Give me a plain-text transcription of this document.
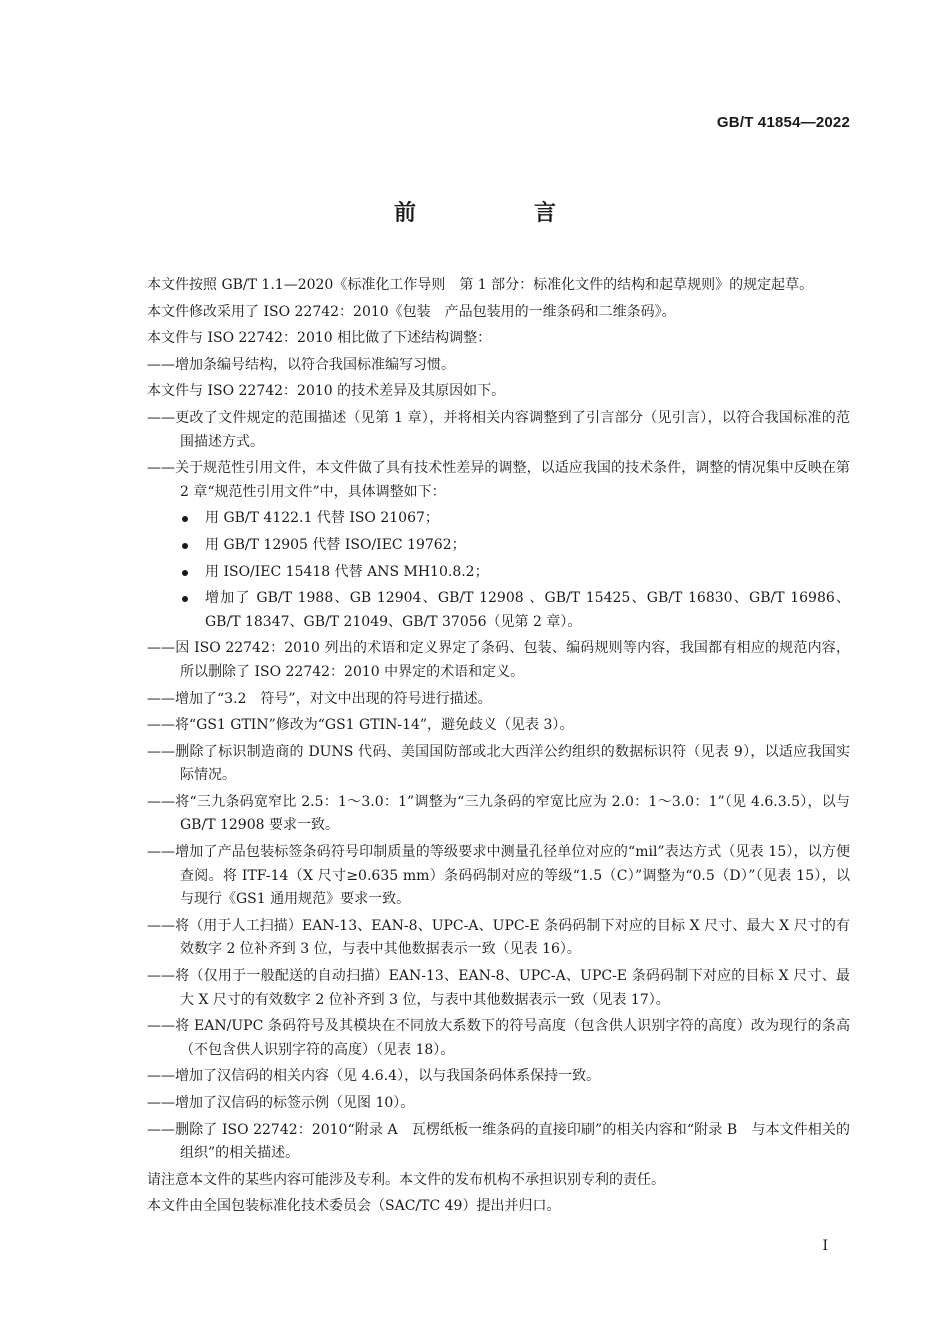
GB/T 41854—2022
前　言

本文件按照 GB/T 1.1—2020《标准化工作导则　第 1 部分：标准化文件的结构和起草规则》的规定起草。

本文件修改采用了 ISO 22742：2010《包装　产品包装用的一维条码和二维条码》。

本文件与 ISO 22742：2010 相比做了下述结构调整：

——增加条编号结构，以符合我国标准编写习惯。

本文件与 ISO 22742：2010 的技术差异及其原因如下。

——更改了文件规定的范围描述（见第 1 章），并将相关内容调整到了引言部分（见引言），以符合我国标准的范围描述方式。

——关于规范性引用文件，本文件做了具有技术性差异的调整，以适应我国的技术条件，调整的情况集中反映在第 2 章“规范性引用文件”中，具体调整如下：

用 GB/T 4122.1 代替 ISO 21067；
用 GB/T 12905 代替 ISO/IEC 19762；
用 ISO/IEC 15418 代替 ANS MH10.8.2；
增加了 GB/T 1988、GB 12904、GB/T 12908 、GB/T 15425、GB/T 16830、GB/T 16986、GB/T 18347、GB/T 21049、GB/T 37056（见第 2 章）。

——因 ISO 22742：2010 列出的术语和定义界定了条码、包装、编码规则等内容，我国都有相应的规范内容，所以删除了 ISO 22742：2010 中界定的术语和定义。

——增加了“3.2　符号”，对文中出现的符号进行描述。

——将“GS1 GTIN”修改为“GS1 GTIN-14”，避免歧义（见表 3）。

——删除了标识制造商的 DUNS 代码、美国国防部或北大西洋公约组织的数据标识符（见表 9），以适应我国实际情况。

——将“三九条码宽窄比 2.5：1～3.0：1”调整为“三九条码的窄宽比应为 2.0：1～3.0：1”（见 4.6.3.5），以与 GB/T 12908 要求一致。

——增加了产品包装标签条码符号印制质量的等级要求中测量孔径单位对应的“mil”表达方式（见表 15），以方便查阅。将 ITF-14（X 尺寸≥0.635 mm）条码码制对应的等级“1.5（C）”调整为“0.5（D）”（见表 15），以与现行《GS1 通用规范》要求一致。

——将（用于人工扫描）EAN-13、EAN-8、UPC-A、UPC-E 条码码制下对应的目标 X 尺寸、最大 X 尺寸的有效数字 2 位补齐到 3 位，与表中其他数据表示一致（见表 16）。

——将（仅用于一般配送的自动扫描）EAN-13、EAN-8、UPC-A、UPC-E 条码码制下对应的目标 X 尺寸、最大 X 尺寸的有效数字 2 位补齐到 3 位，与表中其他数据表示一致（见表 17）。

——将 EAN/UPC 条码符号及其模块在不同放大系数下的符号高度（包含供人识别字符的高度）改为现行的条高（不包含供人识别字符的高度）（见表 18）。

——增加了汉信码的相关内容（见 4.6.4），以与我国条码体系保持一致。

——增加了汉信码的标签示例（见图 10）。

——删除了 ISO 22742：2010“附录 A　瓦楞纸板一维条码的直接印刷”的相关内容和“附录 B　与本文件相关的组织”的相关描述。

请注意本文件的某些内容可能涉及专利。本文件的发布机构不承担识别专利的责任。

本文件由全国包装标准化技术委员会（SAC/TC 49）提出并归口。

I
